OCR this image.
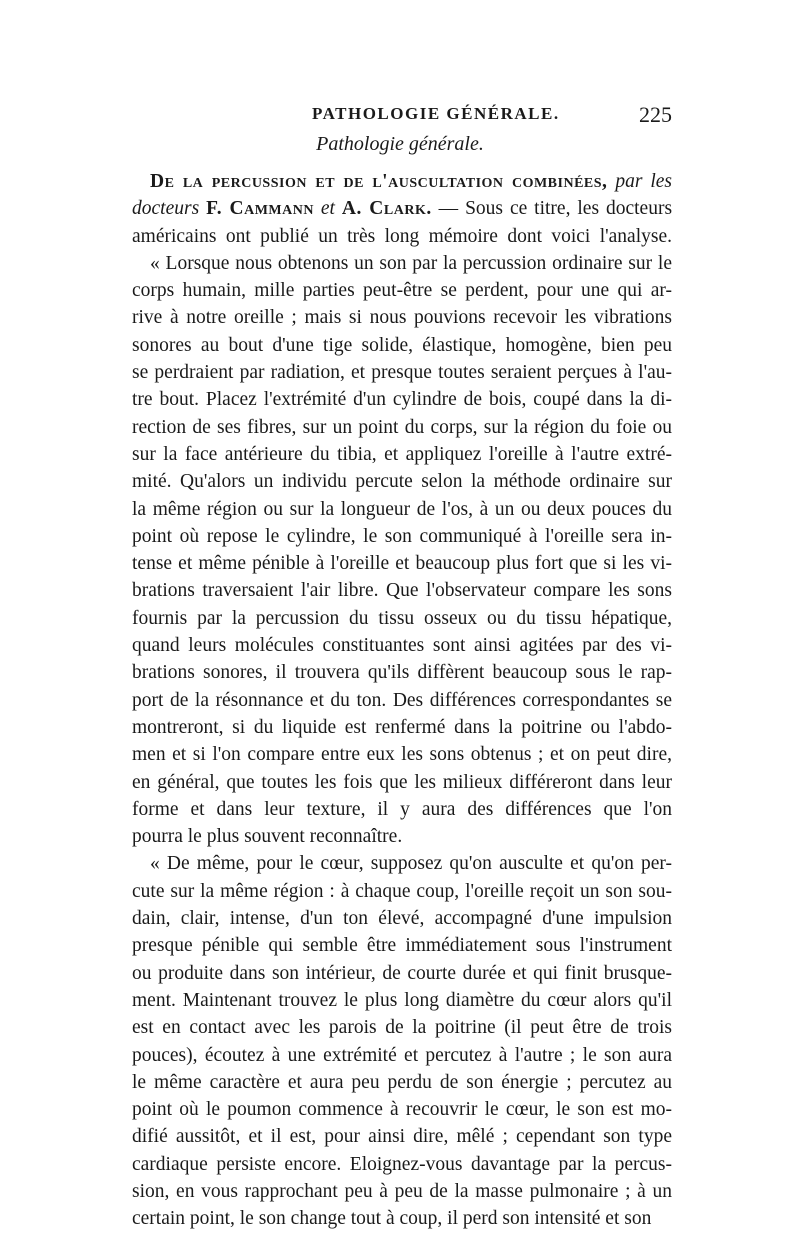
PATHOLOGIE GÉNÉRALE.	225
Pathologie générale.
De la percussion et de l'auscultation combinées, par les
docteurs F. Cammann et A. Clark. — Sous ce titre, les docteurs
américains ont publié un très long mémoire dont voici l'analyse.
« Lorsque nous obtenons un son par la percussion ordinaire sur le
corps humain, mille parties peut-être se perdent, pour une qui ar-
rive à notre oreille ; mais si nous pouvions recevoir les vibrations
sonores au bout d'une tige solide, élastique, homogène, bien peu
se perdraient par radiation, et presque toutes seraient perçues à l'au-
tre bout. Placez l'extrémité d'un cylindre de bois, coupé dans la di-
rection de ses fibres, sur un point du corps, sur la région du foie ou
sur la face antérieure du tibia, et appliquez l'oreille à l'autre extré-
mité. Qu'alors un individu percute selon la méthode ordinaire sur
la même région ou sur la longueur de l'os, à un ou deux pouces du
point où repose le cylindre, le son communiqué à l'oreille sera in-
tense et même pénible à l'oreille et beaucoup plus fort que si les vi-
brations traversaient l'air libre. Que l'observateur compare les sons
fournis par la percussion du tissu osseux ou du tissu hépatique,
quand leurs molécules constituantes sont ainsi agitées par des vi-
brations sonores, il trouvera qu'ils diffèrent beaucoup sous le rap-
port de la résonnance et du ton. Des différences correspondantes se
montreront, si du liquide est renfermé dans la poitrine ou l'abdo-
men et si l'on compare entre eux les sons obtenus ; et on peut dire,
en général, que toutes les fois que les milieux différeront dans leur
forme et dans leur texture, il y aura des différences que l'on
pourra le plus souvent reconnaître.
« De même, pour le cœur, supposez qu'on ausculte et qu'on per-
cute sur la même région : à chaque coup, l'oreille reçoit un son sou-
dain, clair, intense, d'un ton élevé, accompagné d'une impulsion
presque pénible qui semble être immédiatement sous l'instrument
ou produite dans son intérieur, de courte durée et qui finit brusque-
ment. Maintenant trouvez le plus long diamètre du cœur alors qu'il
est en contact avec les parois de la poitrine (il peut être de trois
pouces), écoutez à une extrémité et percutez à l'autre ; le son aura
le même caractère et aura peu perdu de son énergie ; percutez au
point où le poumon commence à recouvrir le cœur, le son est mo-
difié aussitôt, et il est, pour ainsi dire, mêlé ; cependant son type
cardiaque persiste encore. Eloignez-vous davantage par la percus-
sion, en vous rapprochant peu à peu de la masse pulmonaire ; à un
certain point, le son change tout à coup, il perd son intensité et son
